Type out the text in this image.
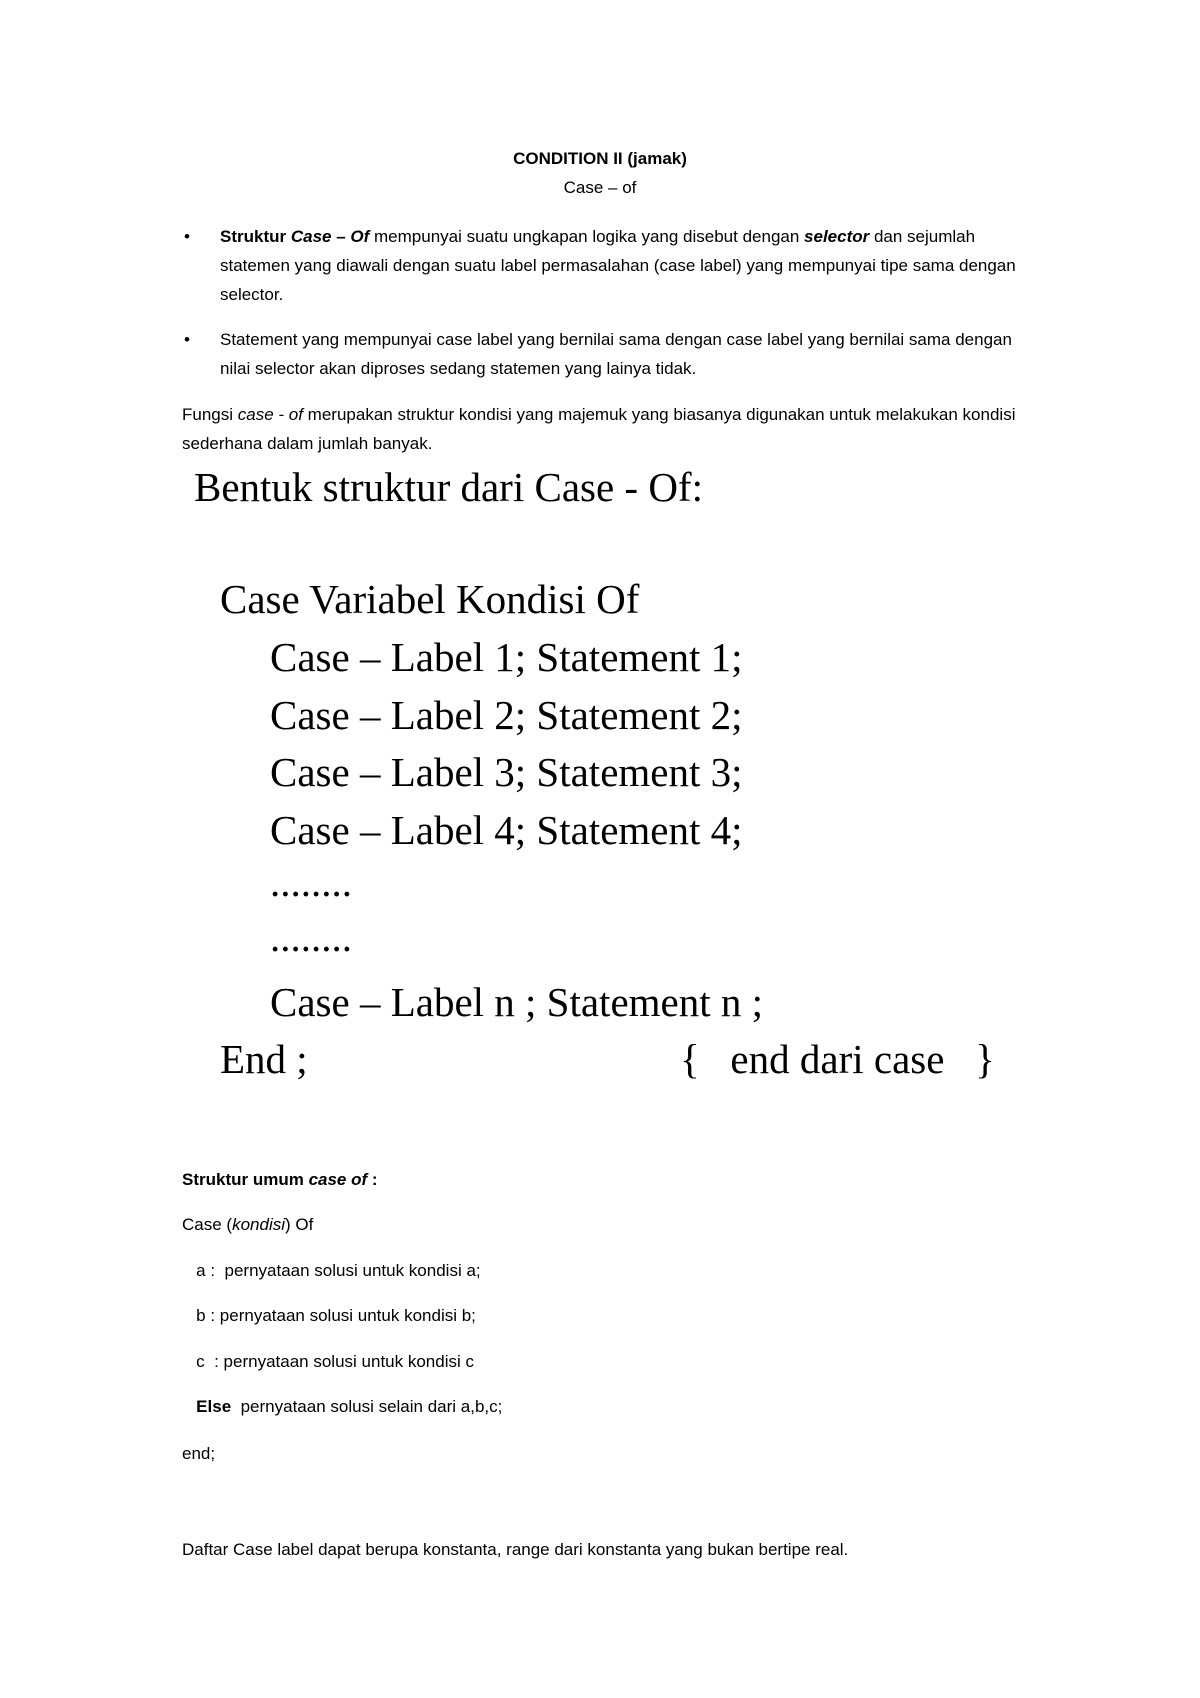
CONDITION II (jamak)
Case – of
• Struktur Case – Of mempunyai suatu ungkapan logika yang disebut dengan selector dan sejumlah statemen yang diawali dengan suatu label permasalahan (case label) yang mempunyai tipe sama dengan selector.
• Statement yang mempunyai case label yang bernilai sama dengan case label yang bernilai sama dengan nilai selector akan diproses sedang statemen yang lainya tidak.
Fungsi case - of merupakan struktur kondisi yang majemuk yang biasanya digunakan untuk melakukan kondisi sederhana dalam jumlah banyak.
Bentuk struktur dari Case - Of:
Case Variabel Kondisi Of
Case – Label 1; Statement 1;
Case – Label 2; Statement 2;
Case – Label 3; Statement 3;
Case – Label 4; Statement 4;
........
........
Case – Label n ; Statement n ;
End ;	{   end dari case   }
Struktur umum case of :
Case (kondisi) Of
a :  pernyataan solusi untuk kondisi a;
b : pernyataan solusi untuk kondisi b;
c  : pernyataan solusi untuk kondisi c
Else  pernyataan solusi selain dari a,b,c;
end;
Daftar Case label dapat berupa konstanta, range dari konstanta yang bukan bertipe real.
